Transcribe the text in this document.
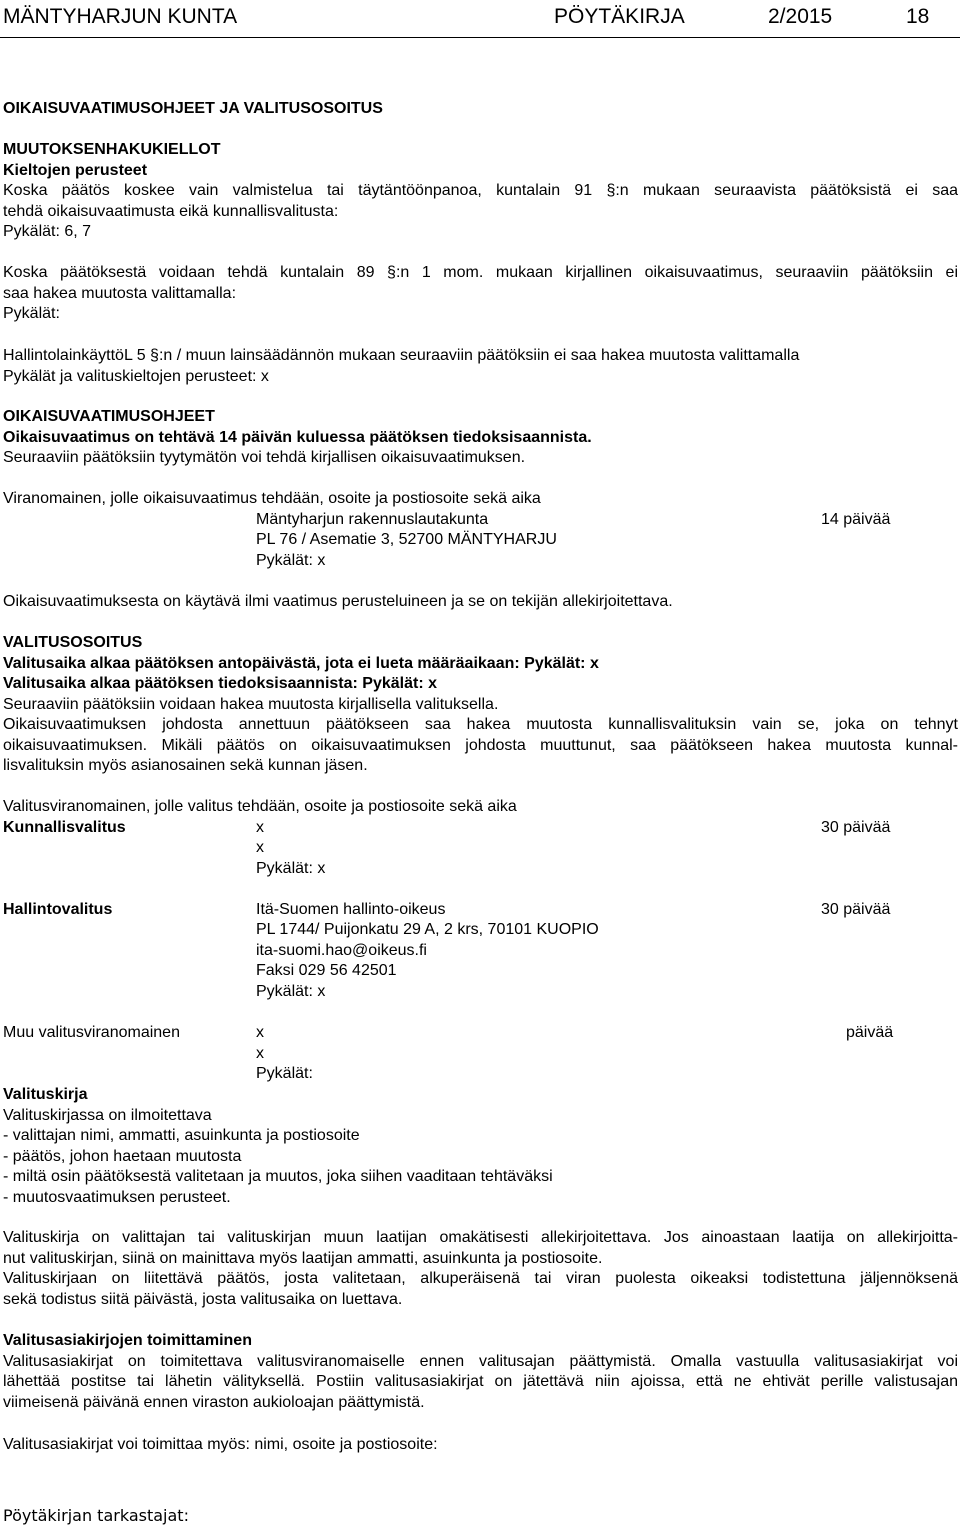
MÄNTYHARJUN KUNTA	PÖYTÄKIRJA	2/2015	18
OIKAISUVAATIMUSOHJEET JA VALITUSOSOITUS
MUUTOKSENHAKUKIELLOT
Kieltojen perusteet
Koska päätös koskee vain valmistelua tai täytäntöönpanoa, kuntalain 91 §:n mukaan seuraavista päätöksistä ei saa
tehdä oikaisuvaatimusta eikä kunnallisvalitusta:
Pykälät: 6, 7
Koska päätöksestä voidaan tehdä kuntalain 89 §:n 1 mom. mukaan kirjallinen oikaisuvaatimus, seuraaviin päätöksiin ei
saa hakea muutosta valittamalla:
Pykälät:
HallintolainkäyttöL 5 §:n / muun lainsäädännön mukaan seuraaviin päätöksiin ei saa hakea muutosta valittamalla
Pykälät ja valituskieltojen perusteet: x
OIKAISUVAATIMUSOHJEET
Oikaisuvaatimus on tehtävä 14 päivän kuluessa päätöksen tiedoksisaannista.
Seuraaviin päätöksiin tyytymätön voi tehdä kirjallisen oikaisuvaatimuksen.
Viranomainen, jolle oikaisuvaatimus tehdään, osoite ja postiosoite sekä aika
Mäntyharjun rakennuslautakunta	14 päivää
PL 76 / Asematie 3, 52700 MÄNTYHARJU
Pykälät: x
Oikaisuvaatimuksesta on käytävä ilmi vaatimus perusteluineen ja se on tekijän allekirjoitettava.
VALITUSOSOITUS
Valitusaika alkaa päätöksen antopäivästä, jota ei lueta määräaikaan: Pykälät: x
Valitusaika alkaa päätöksen tiedoksisaannista: Pykälät: x
Seuraaviin päätöksiin voidaan hakea muutosta kirjallisella valituksella.
Oikaisuvaatimuksen johdosta annettuun päätökseen saa hakea muutosta kunnallisvalituksin vain se, joka on tehnyt
oikaisuvaatimuksen. Mikäli päätös on oikaisuvaatimuksen johdosta muuttunut, saa päätökseen hakea muutosta kunnal-
lisvalituksin myös asianosainen sekä kunnan jäsen.
Valitusviranomainen, jolle valitus tehdään, osoite ja postiosoite sekä aika
Kunnallisvalitus	x	30 päivää
x
Pykälät: x
Hallintovalitus	Itä-Suomen hallinto-oikeus	30 päivää
PL 1744/ Puijonkatu 29 A, 2 krs, 70101 KUOPIO
ita-suomi.hao@oikeus.fi
Faksi 029 56 42501
Pykälät: x
Muu valitusviranomainen	x	päivää
x
Pykälät:
Valituskirja
Valituskirjassa on ilmoitettava
- valittajan nimi, ammatti, asuinkunta ja postiosoite
- päätös, johon haetaan muutosta
- miltä osin päätöksestä valitetaan ja muutos, joka siihen vaaditaan tehtäväksi
- muutosvaatimuksen perusteet.
Valituskirja on valittajan tai valituskirjan muun laatijan omakätisesti allekirjoitettava. Jos ainoastaan laatija on allekirjoitta-
nut valituskirjan, siinä on mainittava myös laatijan ammatti, asuinkunta ja postiosoite.
Valituskirjaan on liitettävä päätös, josta valitetaan, alkuperäisenä tai viran puolesta oikeaksi todistettuna jäljennöksenä
sekä todistus siitä päivästä, josta valitusaika on luettava.
Valitusasiakirjojen toimittaminen
Valitusasiakirjat on toimitettava valitusviranomaiselle ennen valitusajan päättymistä. Omalla vastuulla valitusasiakirjat voi
lähettää postitse tai lähetin välityksellä. Postiin valitusasiakirjat on jätettävä niin ajoissa, että ne ehtivät perille valistusajan
viimeisenä päivänä ennen viraston aukioloajan päättymistä.
Valitusasiakirjat voi toimittaa myös: nimi, osoite ja postiosoite:
Pöytäkirjan tarkastajat:
